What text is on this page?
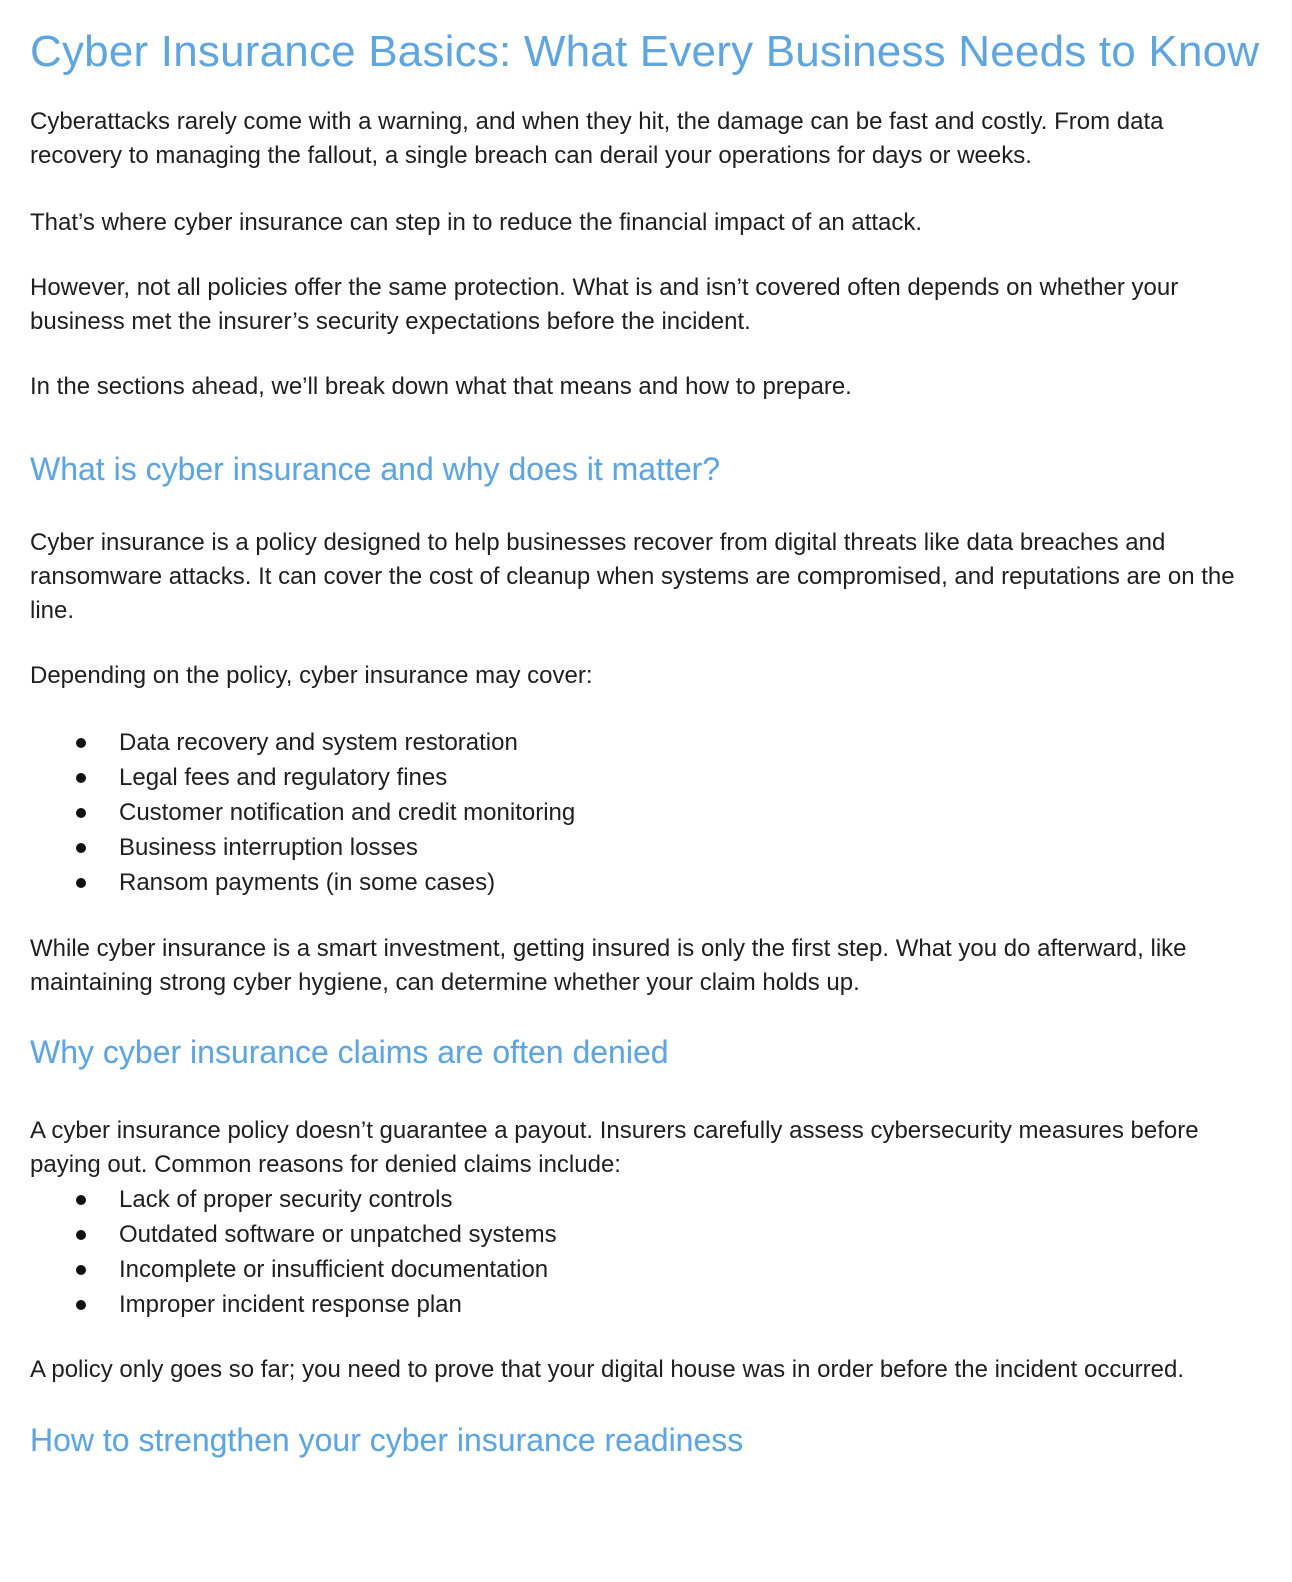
Cyber Insurance Basics: What Every Business Needs to Know

Cyberattacks rarely come with a warning, and when they hit, the damage can be fast and costly. From data recovery to managing the fallout, a single breach can derail your operations for days or weeks.

That’s where cyber insurance can step in to reduce the financial impact of an attack.

However, not all policies offer the same protection. What is and isn’t covered often depends on whether your business met the insurer’s security expectations before the incident.

In the sections ahead, we’ll break down what that means and how to prepare.

What is cyber insurance and why does it matter?

Cyber insurance is a policy designed to help businesses recover from digital threats like data breaches and ransomware attacks. It can cover the cost of cleanup when systems are compromised, and reputations are on the line.

Depending on the policy, cyber insurance may cover:

Data recovery and system restoration
Legal fees and regulatory fines
Customer notification and credit monitoring
Business interruption losses
Ransom payments (in some cases)

While cyber insurance is a smart investment, getting insured is only the first step. What you do afterward, like maintaining strong cyber hygiene, can determine whether your claim holds up.

Why cyber insurance claims are often denied

A cyber insurance policy doesn’t guarantee a payout. Insurers carefully assess cybersecurity measures before paying out. Common reasons for denied claims include:

Lack of proper security controls
Outdated software or unpatched systems
Incomplete or insufficient documentation
Improper incident response plan

A policy only goes so far; you need to prove that your digital house was in order before the incident occurred.

How to strengthen your cyber insurance readiness
